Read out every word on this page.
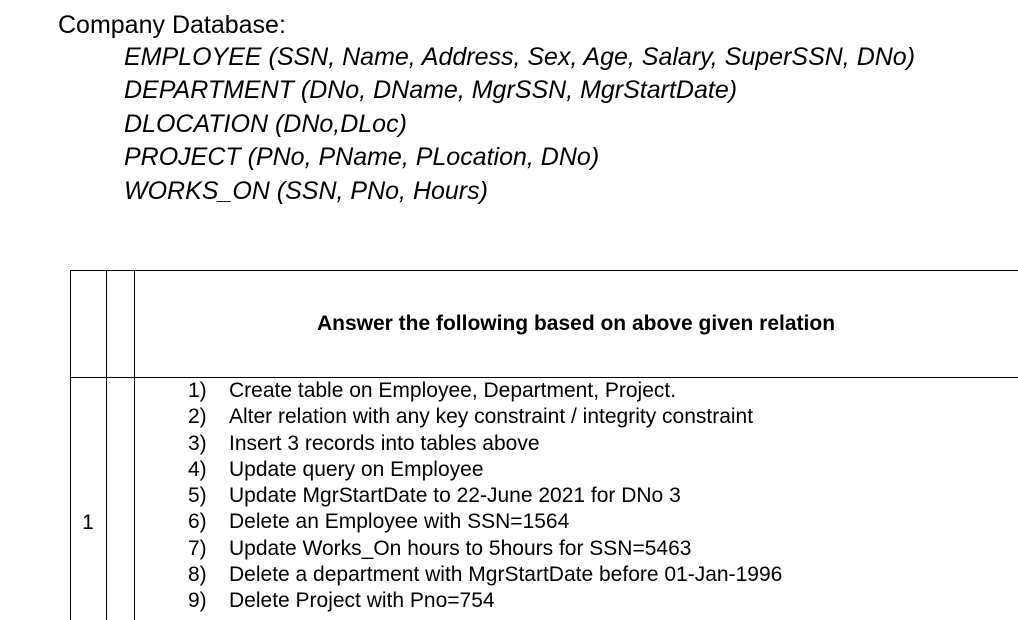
Company Database:
EMPLOYEE (SSN, Name, Address, Sex, Age, Salary, SuperSSN, DNo)
DEPARTMENT (DNo, DName, MgrSSN, MgrStartDate)
DLOCATION (DNo,DLoc)
PROJECT (PNo, PName, PLocation, DNo)
WORKS_ON (SSN, PNo, Hours)
Answer the following based on above given relation
1
1)	Create table on Employee, Department, Project.
2)	Alter relation with any key constraint / integrity constraint
3)	Insert 3 records into tables above
4)	Update query on Employee
5)	Update MgrStartDate to 22-June 2021 for DNo 3
6)	Delete an Employee with SSN=1564
7)	Update Works_On hours to 5hours for SSN=5463
8)	Delete a department with MgrStartDate before 01-Jan-1996
9)	Delete Project with Pno=754
